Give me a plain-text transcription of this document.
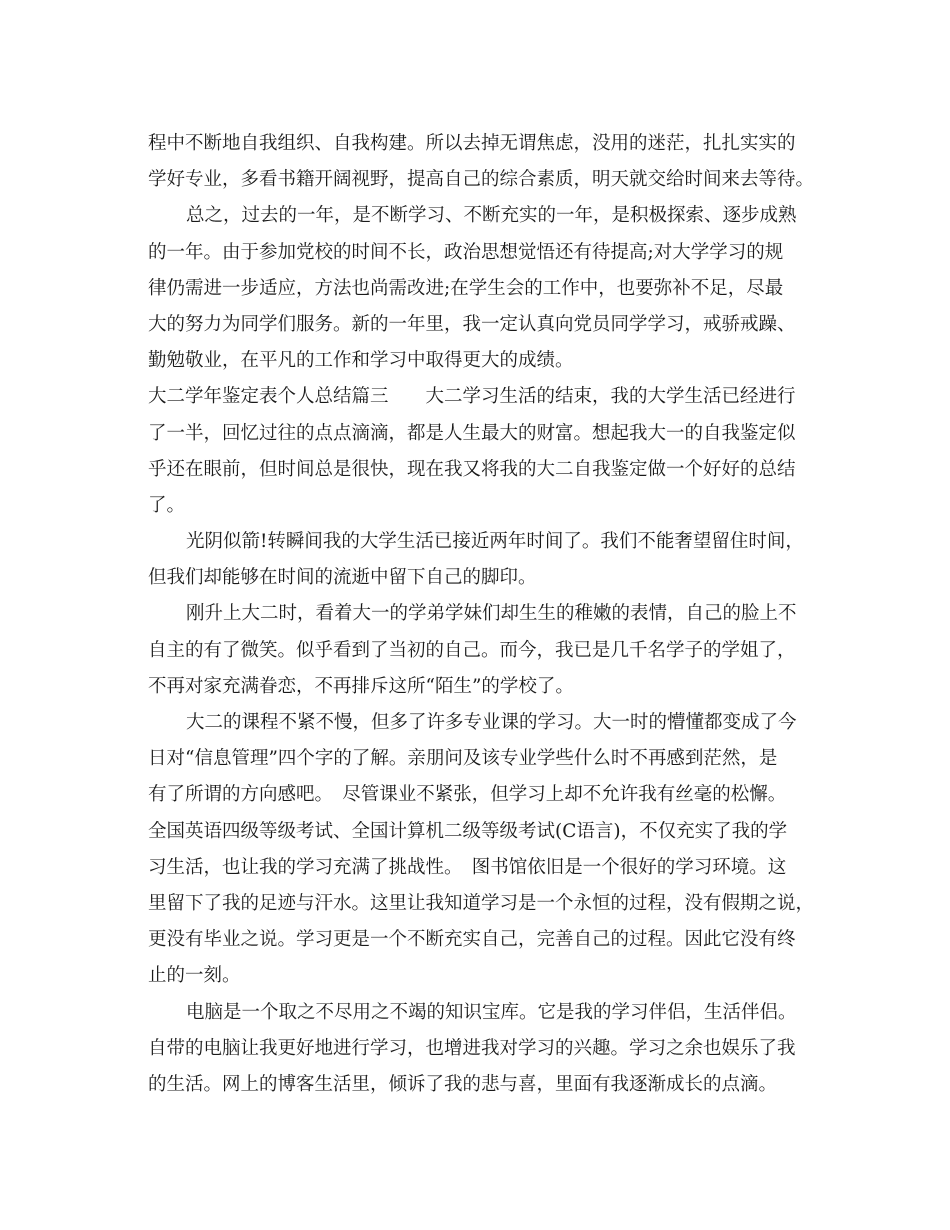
程中不断地自我组织、自我构建。所以去掉无谓焦虑，没用的迷茫，扎扎实实的
学好专业，多看书籍开阔视野，提高自己的综合素质，明天就交给时间来去等待。
总之，过去的一年，是不断学习、不断充实的一年，是积极探索、逐步成熟
的一年。由于参加党校的时间不长，政治思想觉悟还有待提高;对大学学习的规
律仍需进一步适应，方法也尚需改进;在学生会的工作中，也要弥补不足，尽最
大的努力为同学们服务。新的一年里，我一定认真向党员同学学习，戒骄戒躁、
勤勉敬业，在平凡的工作和学习中取得更大的成绩。
大二学年鉴定表个人总结篇三　　大二学习生活的结束，我的大学生活已经进行
了一半，回忆过往的点点滴滴，都是人生最大的财富。想起我大一的自我鉴定似
乎还在眼前，但时间总是很快，现在我又将我的大二自我鉴定做一个好好的总结
了。
光阴似箭!转瞬间我的大学生活已接近两年时间了。我们不能奢望留住时间，
但我们却能够在时间的流逝中留下自己的脚印。
刚升上大二时，看着大一的学弟学妹们却生生的稚嫩的表情，自己的脸上不
自主的有了微笑。似乎看到了当初的自己。而今，我已是几千名学子的学姐了，
不再对家充满眷恋，不再排斥这所“陌生”的学校了。
大二的课程不紧不慢，但多了许多专业课的学习。大一时的懵懂都变成了今
日对“信息管理”四个字的了解。亲朋问及该专业学些什么时不再感到茫然，是
有了所谓的方向感吧。　尽管课业不紧张，但学习上却不允许我有丝毫的松懈。
全国英语四级等级考试、全国计算机二级等级考试(C语言)，不仅充实了我的学
习生活，也让我的学习充满了挑战性。　图书馆依旧是一个很好的学习环境。这
里留下了我的足迹与汗水。这里让我知道学习是一个永恒的过程，没有假期之说，
更没有毕业之说。学习更是一个不断充实自己，完善自己的过程。因此它没有终
止的一刻。
电脑是一个取之不尽用之不竭的知识宝库。它是我的学习伴侣，生活伴侣。
自带的电脑让我更好地进行学习，也增进我对学习的兴趣。学习之余也娱乐了我
的生活。网上的博客生活里，倾诉了我的悲与喜，里面有我逐渐成长的点滴。
